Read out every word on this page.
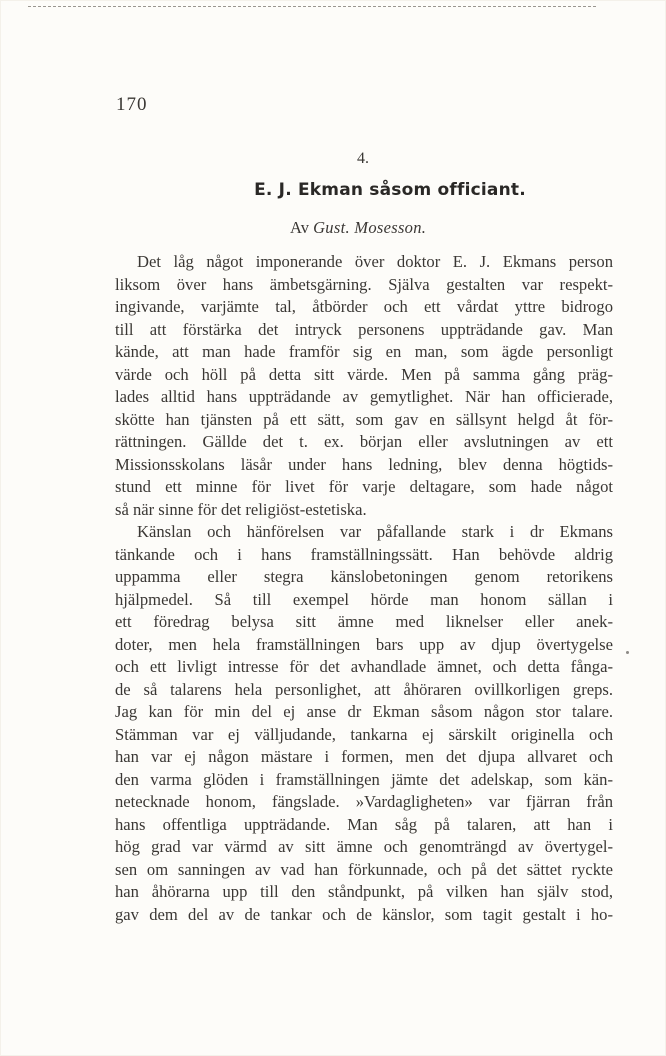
170
4.
E. J. Ekman såsom officiant.
Av Gust. Mosesson.
Det låg något imponerande över doktor E. J. Ekmans person
liksom över hans ämbetsgärning. Själva gestalten var respekt-
ingivande, varjämte tal, åtbörder och ett vårdat yttre bidrogo
till att förstärka det intryck personens uppträdande gav. Man
kände, att man hade framför sig en man, som ägde personligt
värde och höll på detta sitt värde. Men på samma gång präg-
lades alltid hans uppträdande av gemytlighet. När han officierade,
skötte han tjänsten på ett sätt, som gav en sällsynt helgd åt för-
rättningen. Gällde det t. ex. början eller avslutningen av ett
Missionsskolans läsår under hans ledning, blev denna högtids-
stund ett minne för livet för varje deltagare, som hade något
så när sinne för det religiöst-estetiska.
Känslan och hänförelsen var påfallande stark i dr Ekmans
tänkande och i hans framställningssätt. Han behövde aldrig
uppamma eller stegra känslobetoningen genom retorikens
hjälpmedel. Så till exempel hörde man honom sällan i
ett föredrag belysa sitt ämne med liknelser eller anek-
doter, men hela framställningen bars upp av djup övertygelse
och ett livligt intresse för det avhandlade ämnet, och detta fånga-
de så talarens hela personlighet, att åhöraren ovillkorligen greps.
Jag kan för min del ej anse dr Ekman såsom någon stor talare.
Stämman var ej välljudande, tankarna ej särskilt originella och
han var ej någon mästare i formen, men det djupa allvaret och
den varma glöden i framställningen jämte det adelskap, som kän-
netecknade honom, fängslade. »Vardagligheten» var fjärran från
hans offentliga uppträdande. Man såg på talaren, att han i
hög grad var värmd av sitt ämne och genomträngd av övertygel-
sen om sanningen av vad han förkunnade, och på det sättet ryckte
han åhörarna upp till den ståndpunkt, på vilken han själv stod,
gav dem del av de tankar och de känslor, som tagit gestalt i ho-
